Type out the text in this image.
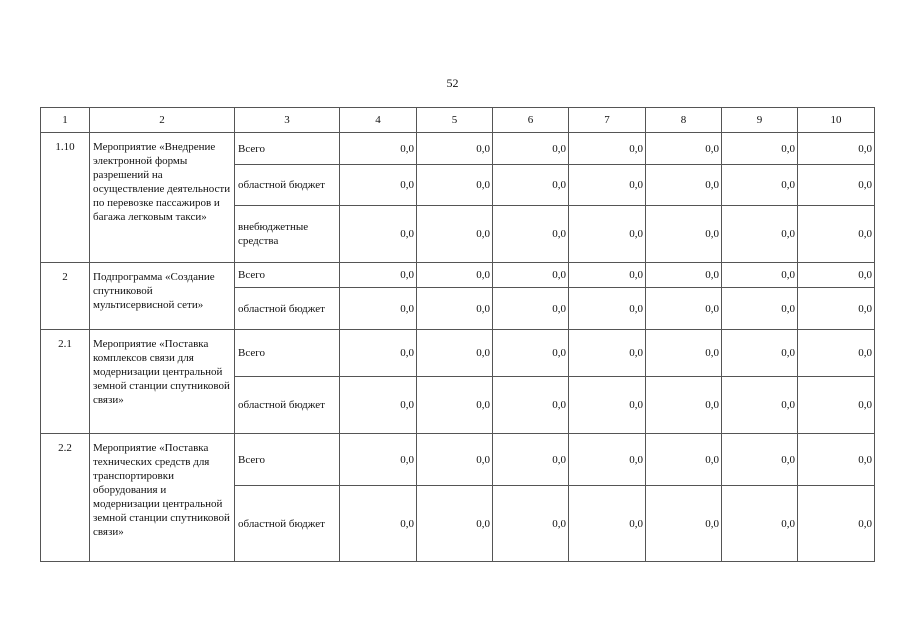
52
1	2	3	4	5	6	7	8	9	10
1.10	Мероприятие «Внедрение электронной формы разрешений на осуществление деятельности по перевозке пассажиров и багажа легковым такси»	Всего	0,0	0,0	0,0	0,0	0,0	0,0	0,0
		областной бюджет	0,0	0,0	0,0	0,0	0,0	0,0	0,0
		внебюджетные средства	0,0	0,0	0,0	0,0	0,0	0,0	0,0
2	Подпрограмма «Создание спутниковой мультисервисной сети»	Всего	0,0	0,0	0,0	0,0	0,0	0,0	0,0
		областной бюджет	0,0	0,0	0,0	0,0	0,0	0,0	0,0
2.1	Мероприятие «Поставка комплексов связи для модернизации центральной земной станции спутниковой связи»	Всего	0,0	0,0	0,0	0,0	0,0	0,0	0,0
		областной бюджет	0,0	0,0	0,0	0,0	0,0	0,0	0,0
2.2	Мероприятие «Поставка технических средств для транспортировки оборудования и модернизации центральной земной станции спутниковой связи»	Всего	0,0	0,0	0,0	0,0	0,0	0,0	0,0
		областной бюджет	0,0	0,0	0,0	0,0	0,0	0,0	0,0
